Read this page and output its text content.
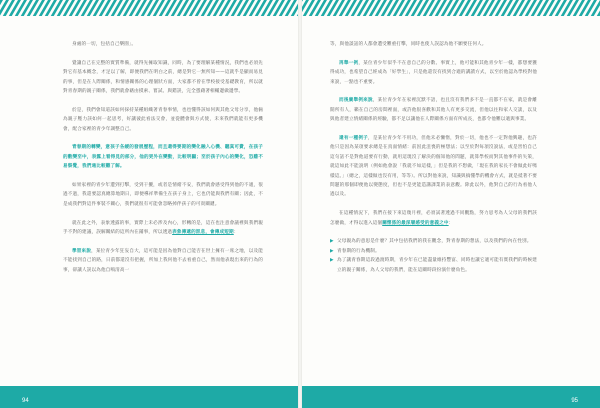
身處的一切，包括自己樂園」。

覺讓自己在完整的實質準備，就得先擁取知識，同時，為了要理解某種情況，我們也必須先對它有基本概念，才足以了解，即便我們在明白之前，總是對它一無所知——這就乎是顯而易見的事，但是在人際關係，和情感關係的心理個狀方面，大家都不曾在學校接受基礎教育，所以就對青春期的親子關係，我們就會藉由摸索、嘗試、與錯誤，完全憑藉著相輔邊做邊學。

於是，我們會知道該如何採持某種組織著青春事情，也也懂得該如何與其他父母分享，他倆為親子壓力該如何一起思考，好讓彼此看法交會，並從體會與方式使，未來我們就能有更多機會，配合家裡的青少年調整自己。

青春期的轉變，意孩子各緩的發展歷程，而且還得要期的變化融入心機、聽真可費，在孩子的數變至中，表露上看得見的部分，他的更外在變動，比較明顯；至於孩子內心的變化，恐雞不易察覺，我們通比較難了解。

如果家裡的青少年遭到打擊，受到干擾，或者是情緒不安，我們就會感受得到他的不適，很過不過，我還要認真總算地期日，即便導祥準備生在孩子身上，它也仍能與我們有關；因此，不是成我們對這件事裝不關心，我們就很有可能會忽略掉伴孩子的可貴關鍵。

就在此之外，表象透露的事，實際上未必涉及內心，形轉的是，這在也注意會議裡與我們親手不對的建議，誤解關結的這所內在鋪事，所以透過表象傳遞的訊息，會傳成短期：

學習來說，某位青少年狂妄自大，這可能是因為他對自己能否在世上擁有一席之地，以及能不能找到自己的路，日前都還沒有把握，所加上我何他不去看重自己，然而他表現出來的行為的事，卻讓人誤以為他自鳴清高一

94

等，與他談話的人都會遭受難重打擊，同時也使人誤認為他不願要任何人。

再舉一例，某位青少年似乎不在意自己的分數、事實上，他可能和其他青少年一樣，都想要獲得成功，也希望自己經成為「好學生」，只是他還沒有找到合適的講讀方式，以至於他認為學校對他來說，一點也不重要。

而後廣舉例來說，某位青少年在家裡沉默不語，也且沒有我們多不是一直都不在家，就是會離開所有人，籟在自己的房間裡面，或許他很喜歡和其他人有更多交流，但他以往和家人交談，以及與他者建立情緒關係的經驗，都不足以讓他在人際關係方面有所成長，也都令他難以適與事業。

還有一種例子，是某位青少年不用功，但他未必懶惰，對於一切，他也不一定對他興趣，也許他只是因為某項要求總是在真面情緒：前因此沮喪的極想法；以至於對每項沒說法，或是害怕自己這句話不是對他道要有行動，就用這現沒了解決的個知他的問題，就算學校而對其他事件的失策，就這如此不能說明（例如他會說「我就不如這樣，」但是我的不想做，「現在我的家長不會做此好嗎樣這。」（總之，這樣做也沒有用，等等）。所以對他來說，知識與搞懂學的機會方式，就是抵著不要問題的那個即便他以變態度，但也不是更能造講課業的表意觀。除此以外，他對自己的行為看他人過以及。

在這種情況下，我們在接下來這幾月裡，必須試著透過不同觀點，努力思考為人父母的我們該怎麼做，才得以進入這個關懷係的最深層感受的意義之中：

▶ 父母親為的意思是什麼？其中包括我們的我在觀念，對青春期的想法，以及我們的內在性別。
▶ 青春期的行為機制。
▶ 為了讓青春期這段過渡時期，青少年在已能盡量維持豐富、同時也讓它適可能有實我們的時候建立的親子關係，為人父母的我們，能在這關時段扮演什麼角色。
95
